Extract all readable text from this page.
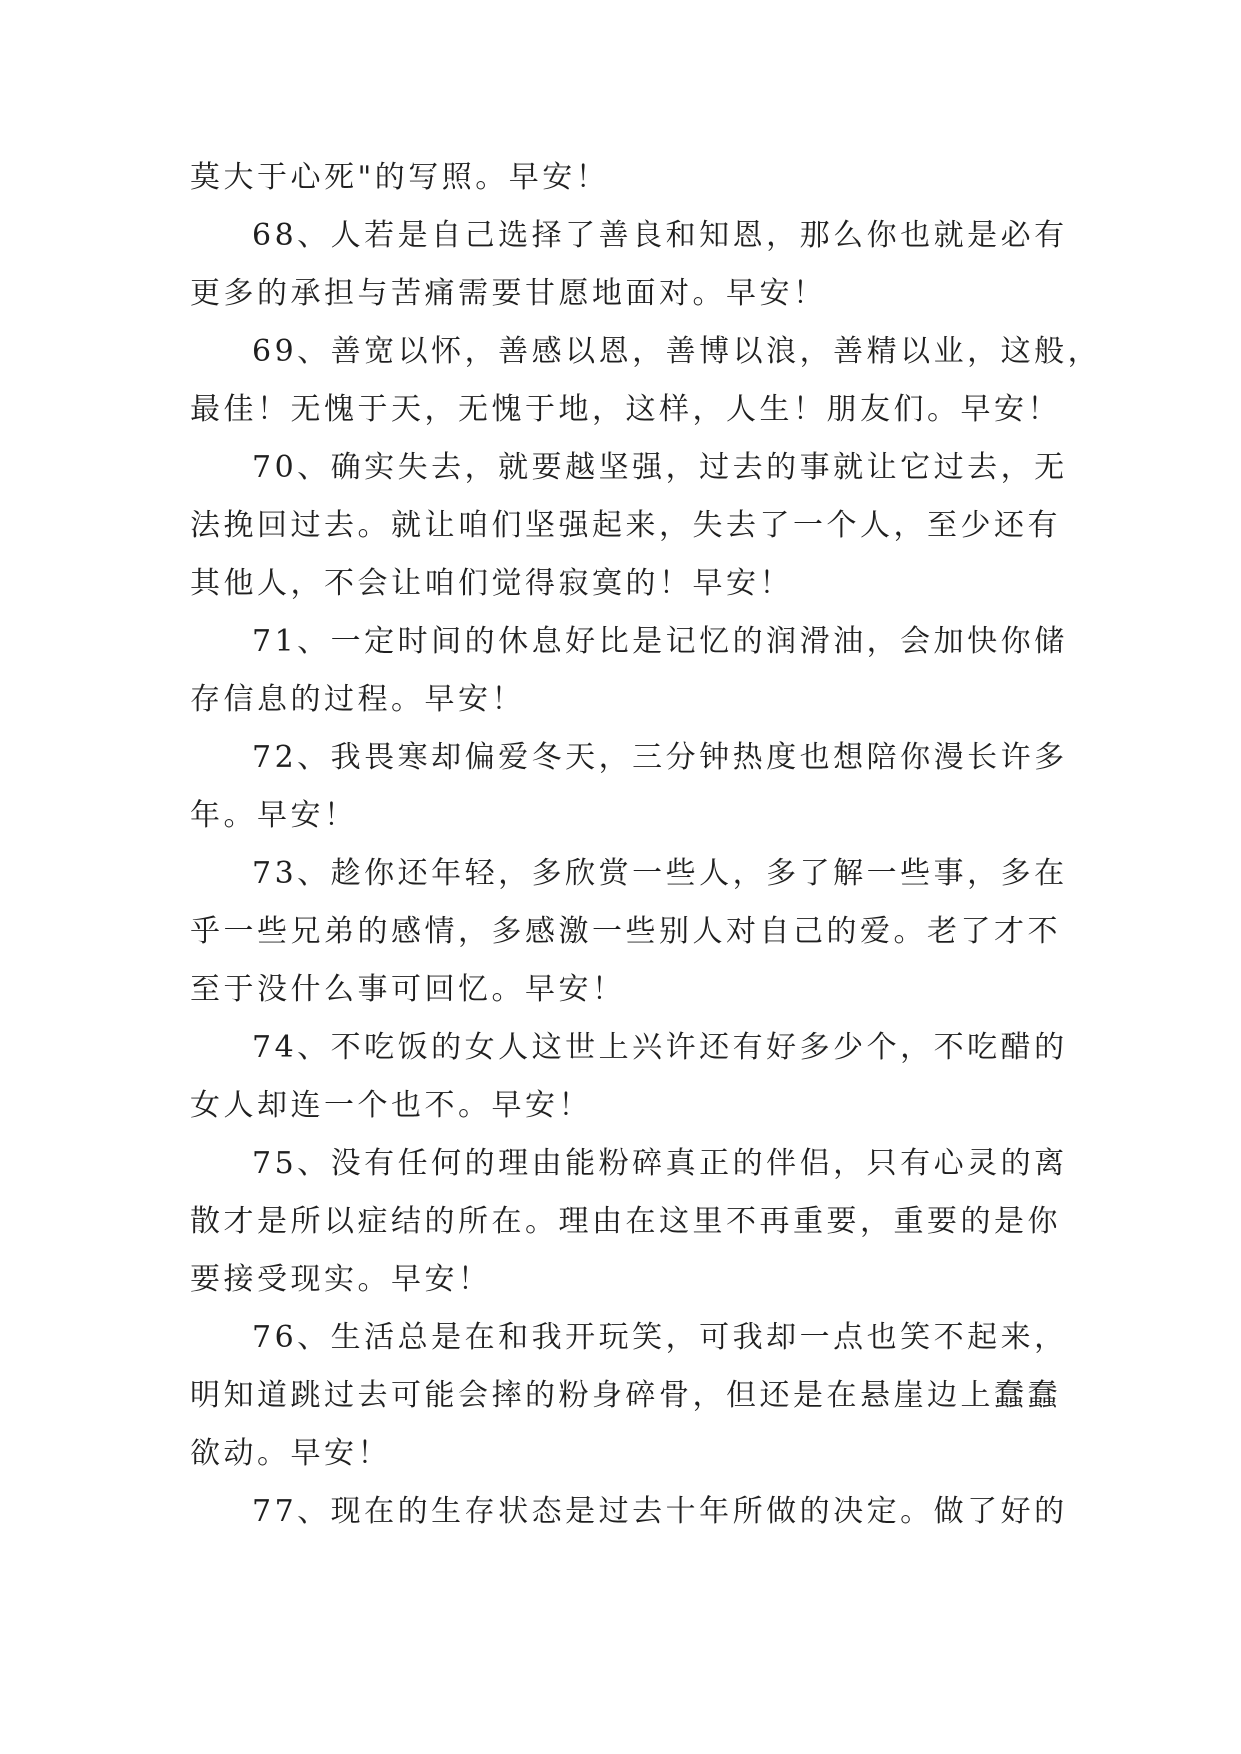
莫大于心死"的写照。早安！
68、人若是自己选择了善良和知恩，那么你也就是必有
更多的承担与苦痛需要甘愿地面对。早安！
69、善宽以怀，善感以恩，善博以浪，善精以业，这般，
最佳！无愧于天，无愧于地，这样，人生！朋友们。早安！
70、确实失去，就要越坚强，过去的事就让它过去，无
法挽回过去。就让咱们坚强起来，失去了一个人，至少还有
其他人，不会让咱们觉得寂寞的！早安！
71、一定时间的休息好比是记忆的润滑油，会加快你储
存信息的过程。早安！
72、我畏寒却偏爱冬天，三分钟热度也想陪你漫长许多
年。早安！
73、趁你还年轻，多欣赏一些人，多了解一些事，多在
乎一些兄弟的感情，多感激一些别人对自己的爱。老了才不
至于没什么事可回忆。早安！
74、不吃饭的女人这世上兴许还有好多少个，不吃醋的
女人却连一个也不。早安！
75、没有任何的理由能粉碎真正的伴侣，只有心灵的离
散才是所以症结的所在。理由在这里不再重要，重要的是你
要接受现实。早安！
76、生活总是在和我开玩笑，可我却一点也笑不起来，
明知道跳过去可能会摔的粉身碎骨，但还是在悬崖边上蠢蠢
欲动。早安！
77、现在的生存状态是过去十年所做的决定。做了好的
